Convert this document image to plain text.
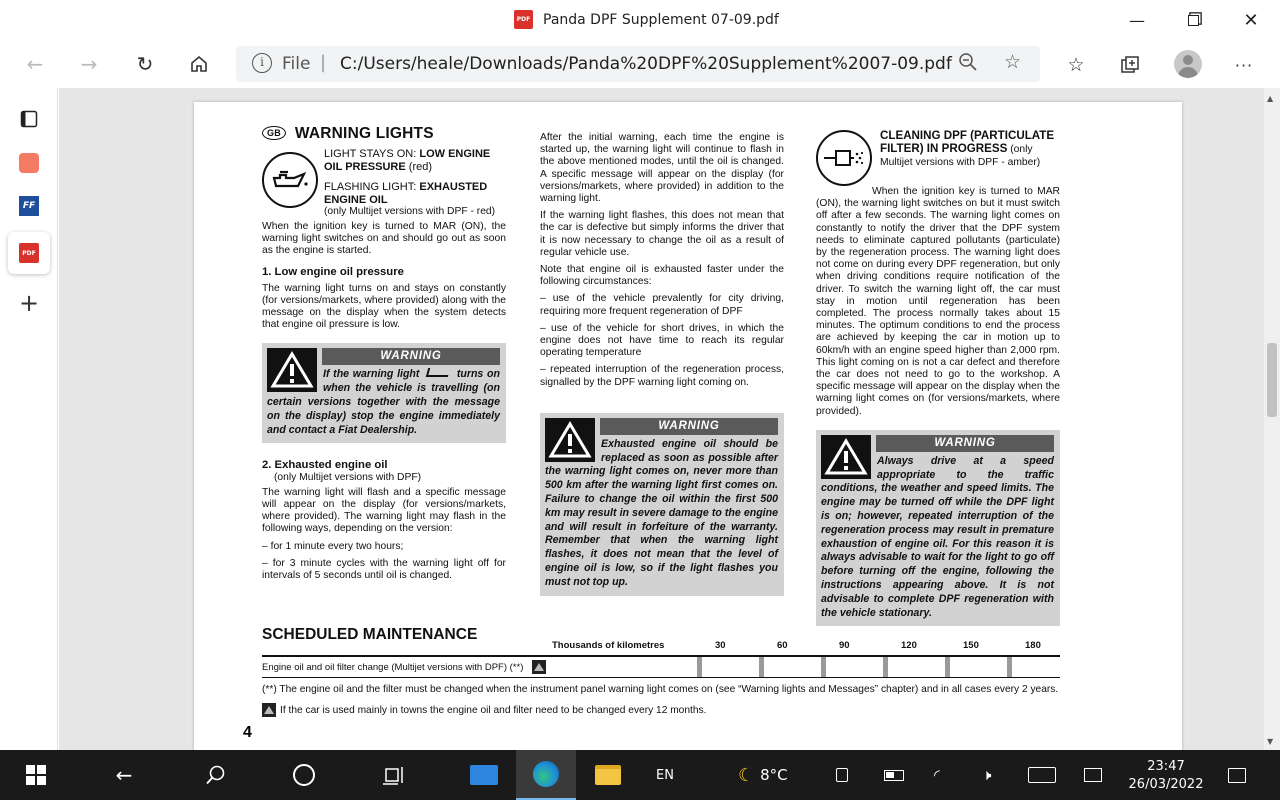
PDF Panda DPF Supplement 07-09.pdf	—	✕
← → ↻	i	File | C:/Users/heale/Downloads/Panda%20DPF%20Supplement%2007-09.pdf	☆ ☆	···
FF
PDF
+
GB WARNING LIGHTS
LIGHT STAYS ON: LOW ENGINE OIL PRESSURE (red)
FLASHING LIGHT: EXHAUSTED ENGINE OIL
(only Multijet versions with DPF - red)

When the ignition key is turned to MAR (ON), the warning light switches on and should go out as soon as the engine is started.

1. Low engine oil pressure

The warning light turns on and stays on constantly (for versions/markets, where provided) along with the message on the display when the system detects that engine oil pressure is low.

WARNING
If the warning light	turns on when the vehicle is travelling (on certain versions together with the message on the display) stop the engine immediately and contact a Fiat Dealership.
2. Exhausted engine oil
(only Multijet versions with DPF)

The warning light will flash and a specific message will appear on the display (for versions/markets, where provided). The warning light may flash in the following ways, depending on the version:

– for 1 minute every two hours;

– for 3 minute cycles with the warning light off for intervals of 5 seconds until oil is changed.

After the initial warning, each time the engine is started up, the warning light will continue to flash in the above mentioned modes, until the oil is changed. A specific message will appear on the display (for versions/markets, where provided) in addition to the warning light.

If the warning light flashes, this does not mean that the car is defective but simply informs the driver that it is now necessary to change the oil as a result of regular vehicle use.

Note that engine oil is exhausted faster under the following circumstances:

– use of the vehicle prevalently for city driving, requiring more frequent regeneration of DPF

– use of the vehicle for short drives, in which the engine does not have time to reach its regular operating temperature

– repeated interruption of the regeneration process, signalled by the DPF warning light coming on.

WARNING
Exhausted engine oil should be replaced as soon as possible after the warning light comes on, never more than 500 km after the warning light first comes on. Failure to change the oil within the first 500 km may result in severe damage to the engine and will result in forfeiture of the warranty. Remember that when the warning light flashes, it does not mean that the level of engine oil is low, so if the light flashes you must not top up.
CLEANING DPF (PARTICULATE FILTER) IN PROGRESS (only Multijet versions with DPF - amber)

When the ignition key is turned to MAR (ON), the warning light switches on but it must switch off after a few seconds. The warning light comes on constantly to notify the driver that the DPF system needs to eliminate captured pollutants (particulate) by the regeneration process. The warning light does not come on during every DPF regeneration, but only when driving conditions require notification of the driver. To switch the warning light off, the car must stay in motion until regeneration has been completed. The process normally takes about 15 minutes. The optimum conditions to end the process are achieved by keeping the car in motion up to 60km/h with an engine speed higher than 2,000 rpm. This light coming on is not a car defect and therefore the car does not need to go to the workshop. A specific message will appear on the display when the warning light comes on (for versions/markets, where provided).

WARNING
Always drive at a speed appropriate to the traffic conditions, the weather and speed limits. The engine may be turned off while the DPF light is on; however, repeated interruption of the regeneration process may result in premature exhaustion of engine oil. For this reason it is always advisable to wait for the light to go off before turning off the engine, following the instructions appearing above. It is not advisable to complete DPF regeneration with the vehicle stationary.
SCHEDULED MAINTENANCE
Thousands of kilometres	30	60	90	120	150	180
Engine oil and oil filter change (Multijet versions with DPF) (**)
(**) The engine oil and the filter must be changed when the instrument panel warning light comes on (see “Warning lights and Messages” chapter) and in all cases every 2 years.
If the car is used mainly in towns the engine oil and filter need to be changed every 12 months.
4
▲
▼
←	EN	☾ 8°C	◜	🕨	23:47
26/03/2022
